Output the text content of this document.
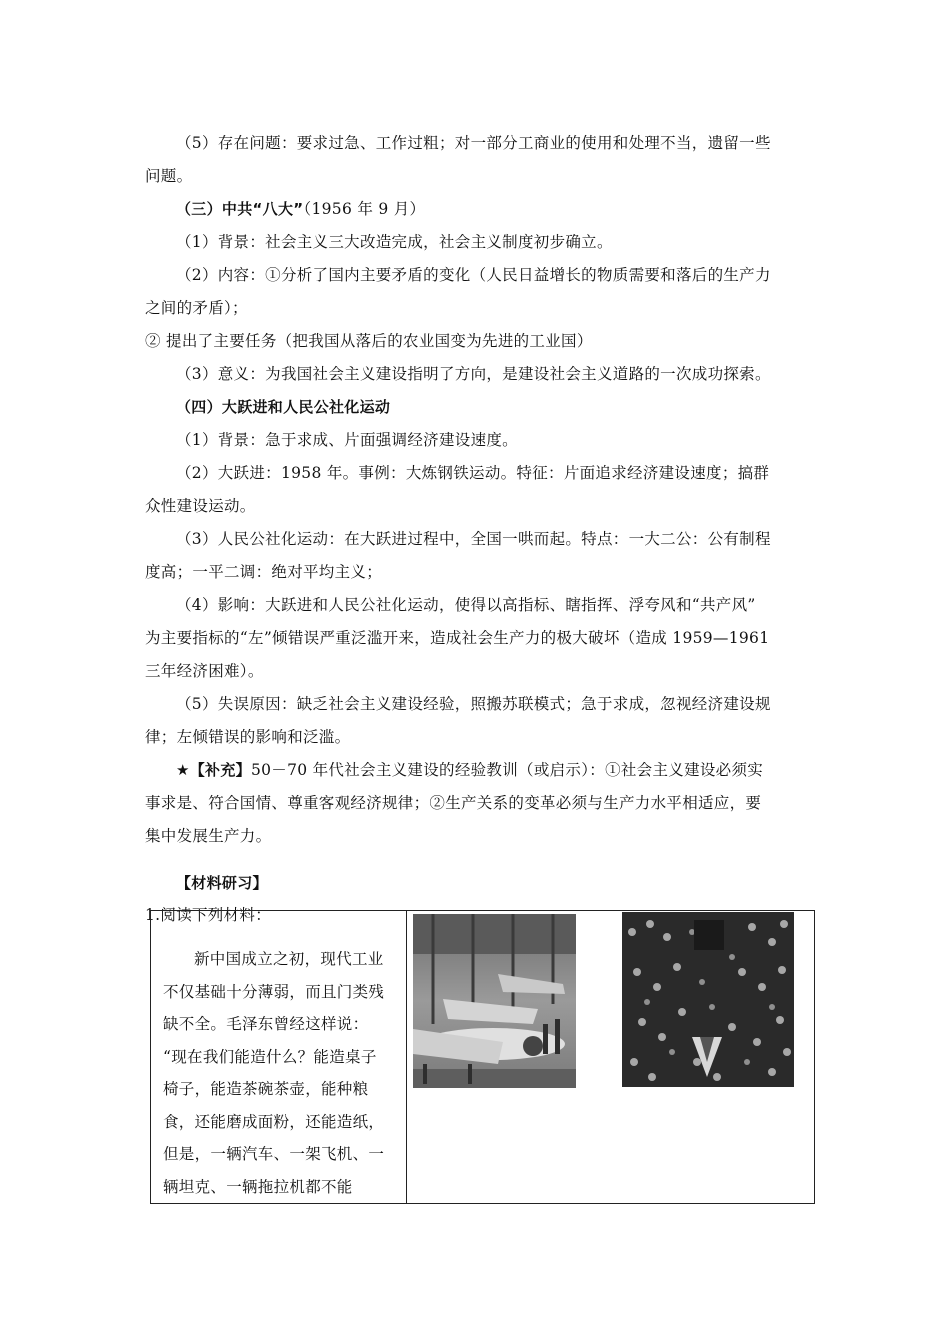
（5）存在问题：要求过急、工作过粗；对一部分工商业的使用和处理不当，遗留一些
问题。
（三）中共“八大”（1956 年 9 月）
（1）背景：社会主义三大改造完成，社会主义制度初步确立。
（2）内容：①分析了国内主要矛盾的变化（人民日益增长的物质需要和落后的生产力
之间的矛盾）；
② 提出了主要任务（把我国从落后的农业国变为先进的工业国）
（3）意义：为我国社会主义建设指明了方向，是建设社会主义道路的一次成功探索。
（四）大跃进和人民公社化运动
（1）背景：急于求成、片面强调经济建设速度。
（2）大跃进：1958 年。事例：大炼钢铁运动。特征：片面追求经济建设速度；搞群
众性建设运动。
（3）人民公社化运动：在大跃进过程中，全国一哄而起。特点：一大二公：公有制程
度高；一平二调：绝对平均主义；
（4）影响：大跃进和人民公社化运动，使得以高指标、瞎指挥、浮夸风和“共产风”
为主要指标的“左”倾错误严重泛滥开来，造成社会生产力的极大破坏（造成 1959—1961
三年经济困难）。
（5）失误原因：缺乏社会主义建设经验，照搬苏联模式；急于求成，忽视经济建设规
律；左倾错误的影响和泛滥。
★【补充】50－70 年代社会主义建设的经验教训（或启示）：①社会主义建设必须实
事求是、符合国情、尊重客观经济规律；②生产关系的变革必须与生产力水平相适应，要
集中发展生产力。
【材料研习】
1.阅读下列材料：
新中国成立之初，现代工业
不仅基础十分薄弱，而且门类残
缺不全。毛泽东曾经这样说：
“现在我们能造什么？能造桌子
椅子，能造茶碗茶壶，能种粮
食，还能磨成面粉，还能造纸，
但是，一辆汽车、一架飞机、一
辆坦克、一辆拖拉机都不能
